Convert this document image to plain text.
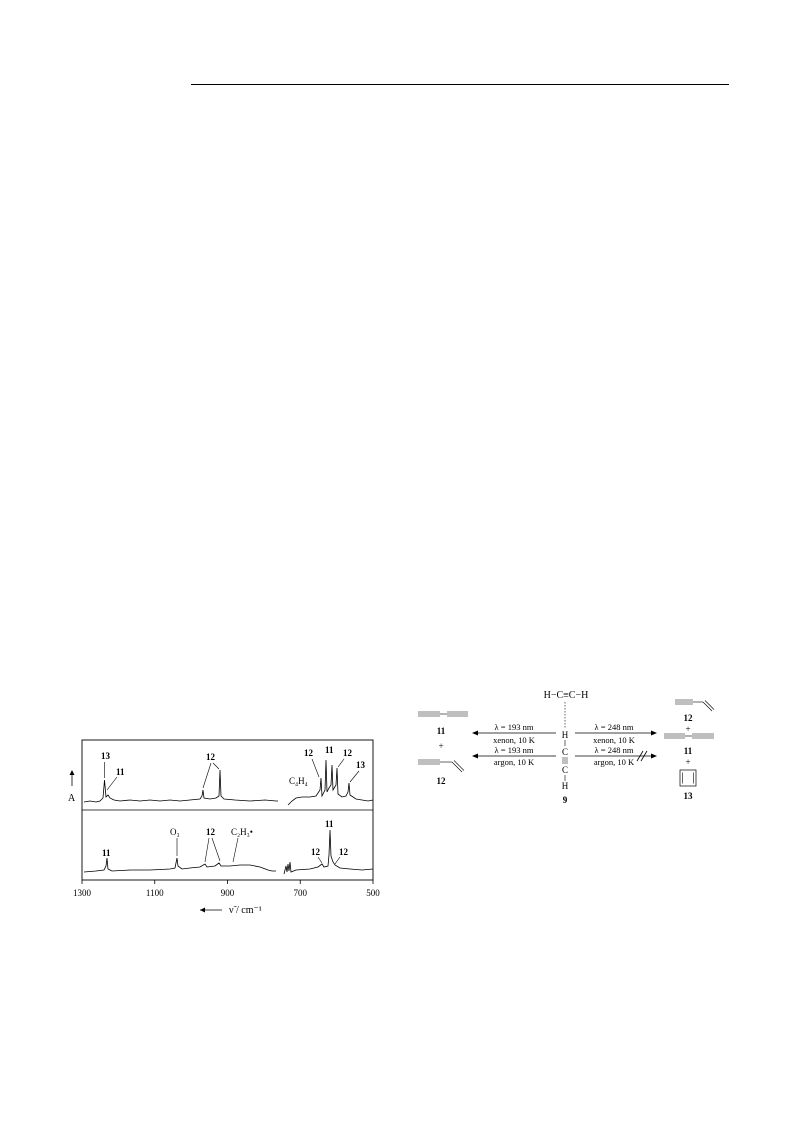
1300	1100	900	700	500
ν̃ / cm⁻¹
A
13
11
12
C₄H₄
12 11 12
13
11
O₃	12 C₂H₃•
11
12 12
H−C≡C−H
H
C
C
H
9
λ = 193 nm
xenon, 10 K
λ = 193 nm
argon, 10 K
λ = 248 nm
xenon, 10 K
λ = 248 nm
argon, 10 K
11
+
12
12
+
11
+
13
